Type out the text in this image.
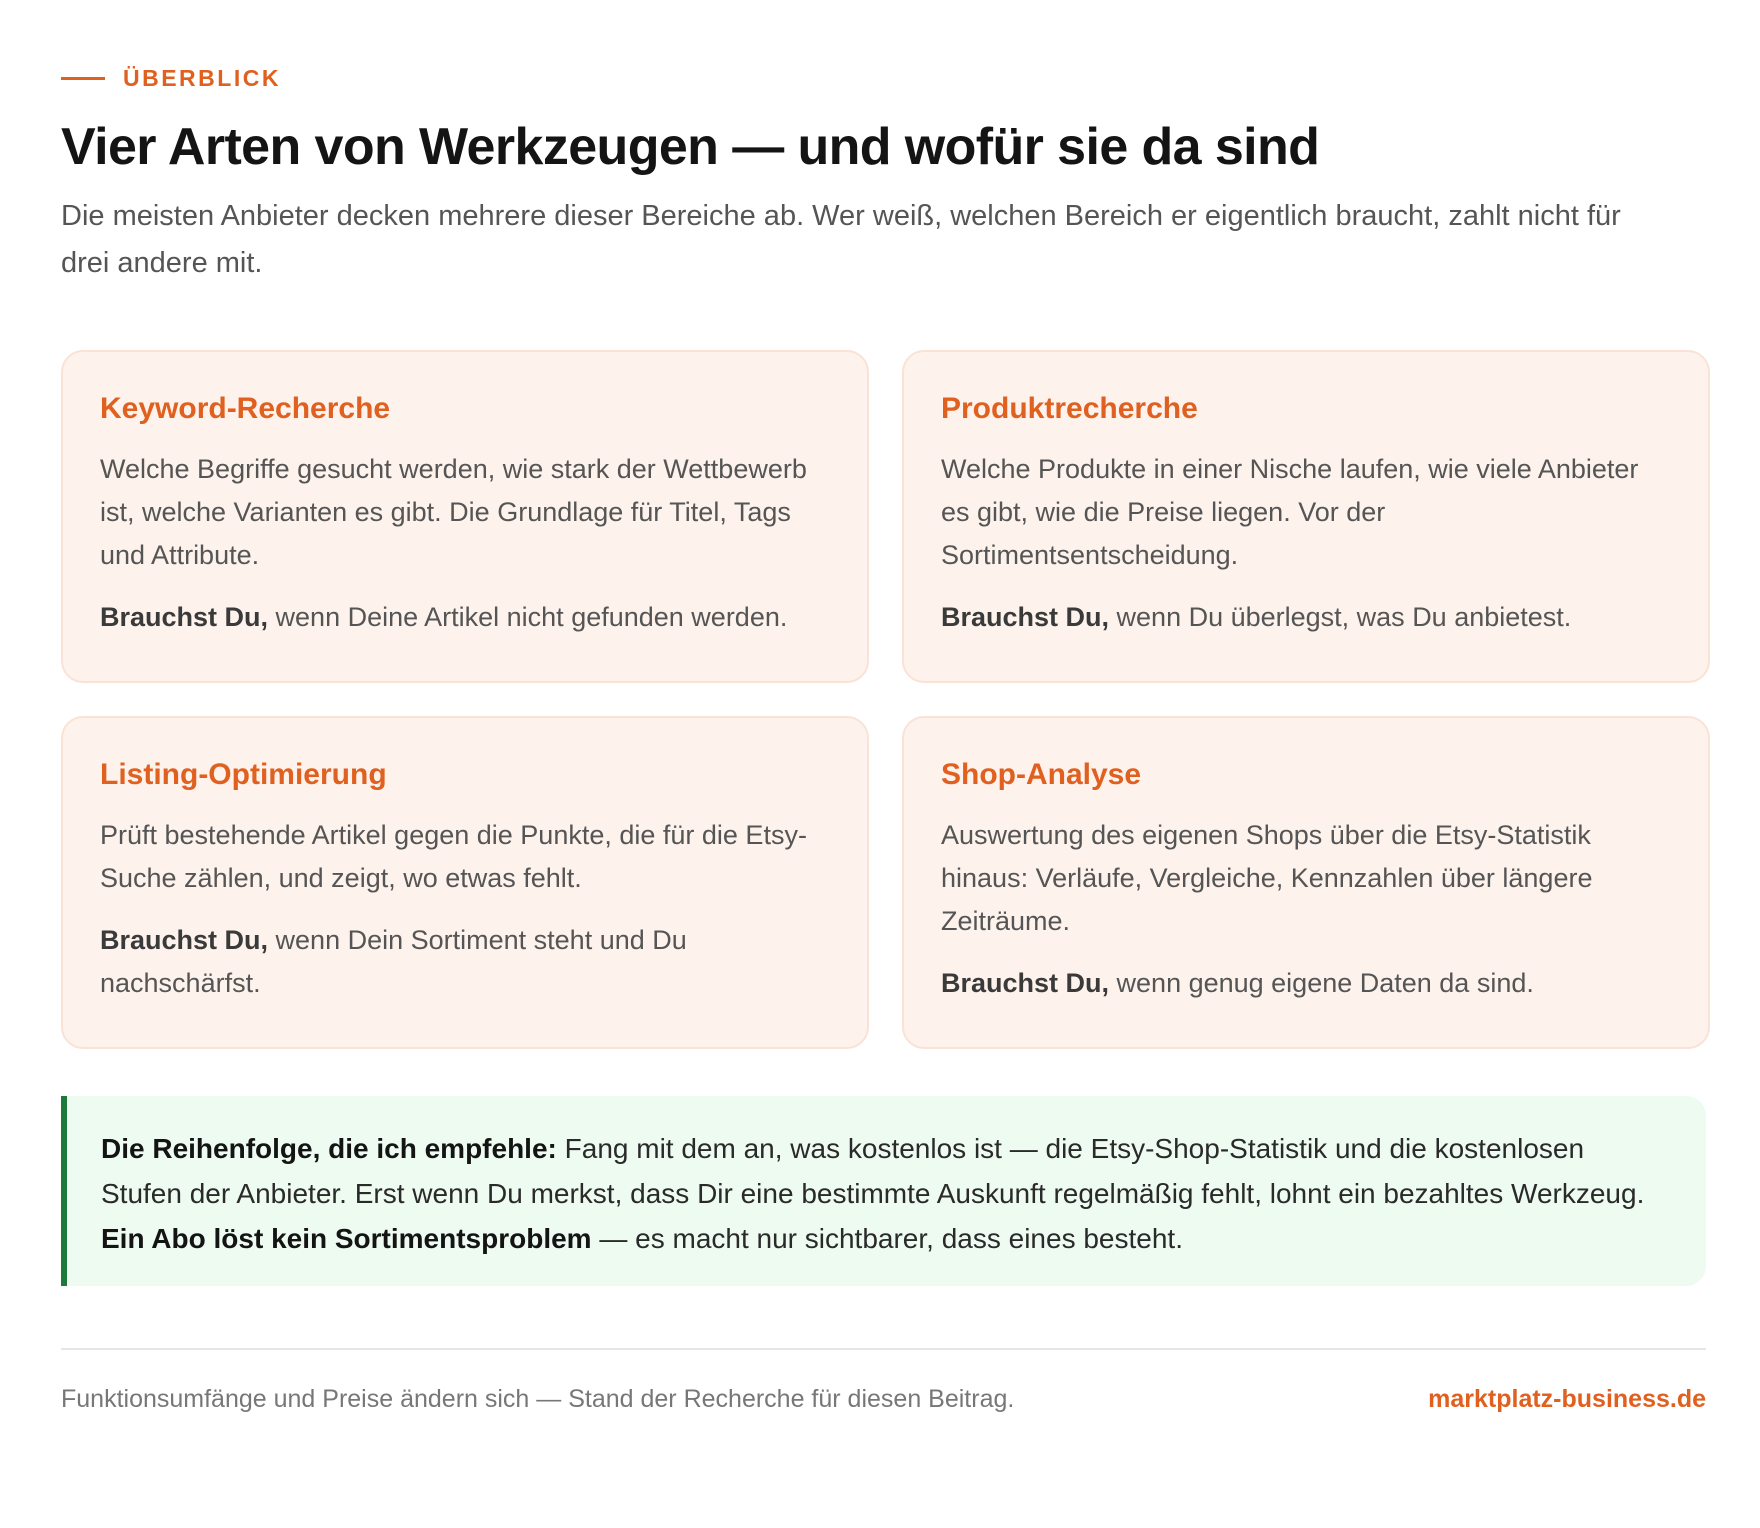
ÜBERBLICK
Vier Arten von Werkzeugen — und wofür sie da sind

Die meisten Anbieter decken mehrere dieser Bereiche ab. Wer weiß, welchen Bereich er eigentlich braucht, zahlt nicht für drei andere mit.

Keyword-Recherche
Welche Begriffe gesucht werden, wie stark der Wettbewerb ist, welche Varianten es gibt. Die Grundlage für Titel, Tags und Attribute.
Brauchst Du, wenn Deine Artikel nicht gefunden werden.
Produktrecherche
Welche Produkte in einer Nische laufen, wie viele Anbieter es gibt, wie die Preise liegen. Vor der Sortimentsentscheidung.
Brauchst Du, wenn Du überlegst, was Du anbietest.
Listing-Optimierung
Prüft bestehende Artikel gegen die Punkte, die für die Etsy-Suche zählen, und zeigt, wo etwas fehlt.
Brauchst Du, wenn Dein Sortiment steht und Du nachschärfst.
Shop-Analyse
Auswertung des eigenen Shops über die Etsy-Statistik hinaus: Verläufe, Vergleiche, Kennzahlen über längere Zeiträume.
Brauchst Du, wenn genug eigene Daten da sind.
Die Reihenfolge, die ich empfehle: Fang mit dem an, was kostenlos ist — die Etsy-Shop-Statistik und die kostenlosen Stufen der Anbieter. Erst wenn Du merkst, dass Dir eine bestimmte Auskunft regelmäßig fehlt, lohnt ein bezahltes Werkzeug. Ein Abo löst kein Sortimentsproblem — es macht nur sichtbarer, dass eines besteht.
Funktionsumfänge und Preise ändern sich — Stand der Recherche für diesen Beitrag.	marktplatz-business.de
